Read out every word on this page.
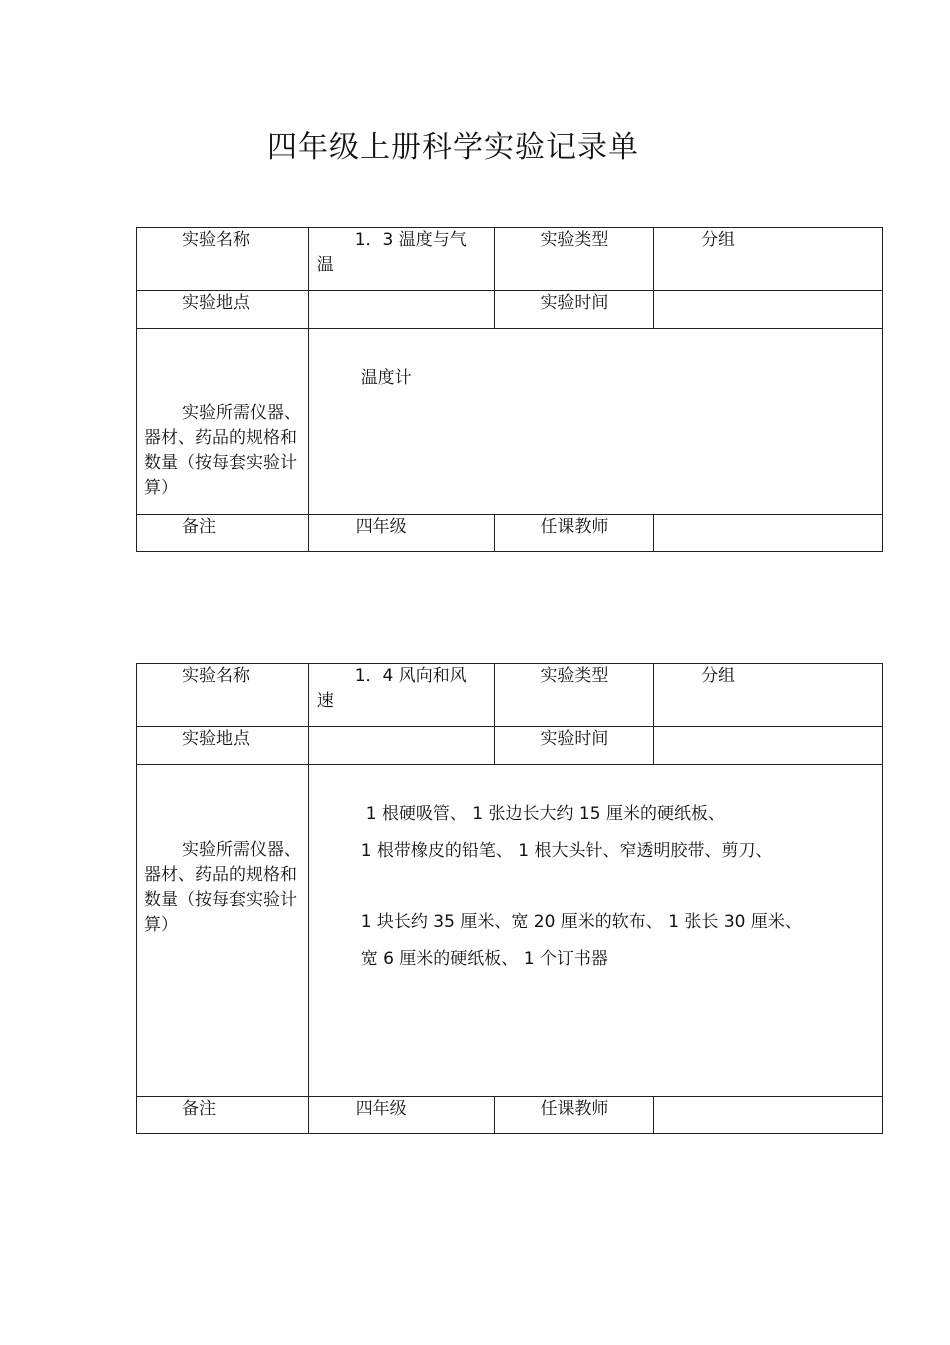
四年级上册科学实验记录单
实验名称	1．3 温度与气
温	实验类型	分组
实验地点		实验时间	

实验所需仪器、器材、药品的规格和数量（按每套实验计算）	温度计		

备注	四年级	任课教师	
实验名称	1．4 风向和风
速	实验类型	分组
实验地点		实验时间	

实验所需仪器、器材、药品的规格和数量（按每套实验计算）	1 根硬吸管、 1 张边长大约 15 厘米的硬纸板、
1 根带橡皮的铅笔、 1 根大头针、窄透明胶带、剪刀、
1 块长约 35 厘米、宽 20 厘米的软布、 1 张长 30 厘米、
宽 6 厘米的硬纸板、 1 个订书器		

备注	四年级	任课教师	
